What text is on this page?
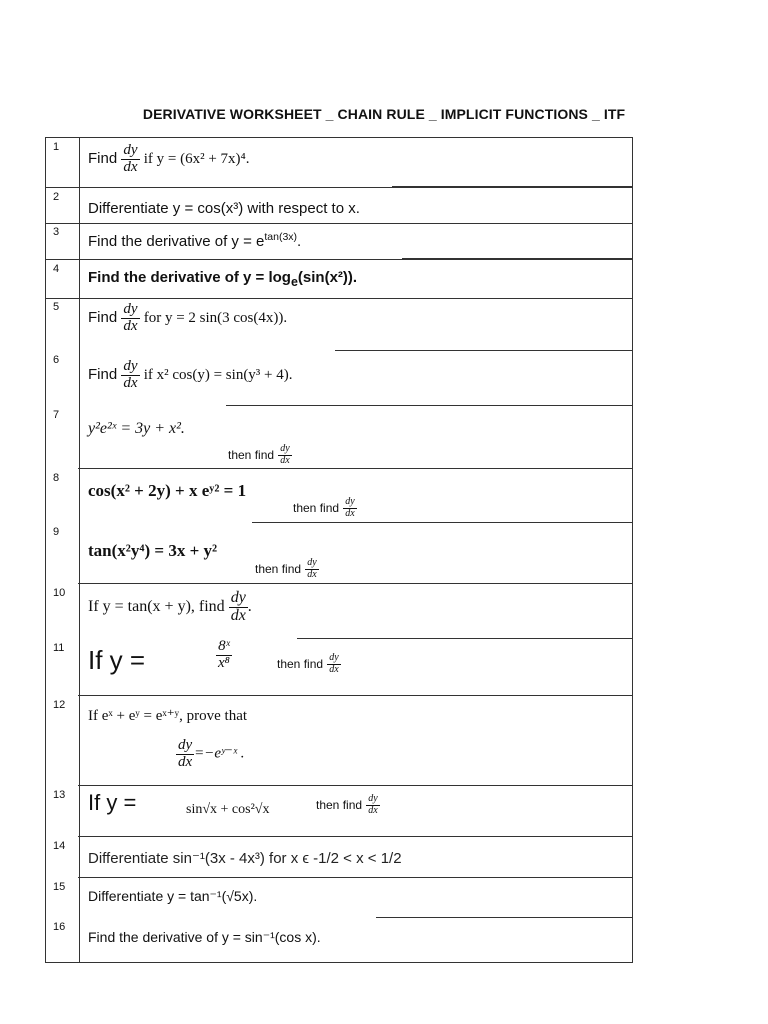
DERIVATIVE WORKSHEET _ CHAIN RULE _ IMPLICIT FUNCTIONS _ ITF
1
Find $\frac{dy}{dx}$ if y = (6x² + 7x)⁴.
2
Differentiate y = cos(x³) with respect to x.
3
Find the derivative of $y = e^{tan(3x)}$.
4 Find the derivative of $y = \log_e(\sin(x^2))$.
5
Find $\frac{dy}{dx}$ for y = 2 sin(3 cos(4x)).
6
Find $\frac{dy}{dx}$ if x² cos(y) = sin(y³ + 4).
7
y²e²ˣ = 3y + x².
then find $\frac{dy}{dx}$
8
cos(x² + 2y) + x eʸ² = 1
then find $\frac{dy}{dx}$
9
tan(x²y⁴) = 3x + y²
then find $\frac{dy}{dx}$
10
If y = tan(x + y), find $\frac{dy}{dx}$ .
11 If y =	$\frac{\text{8ˣ}}{\text{x⁸}}$	then find $\frac{dy}{dx}$
12
If eˣ + eʸ = eˣ⁺ʸ, prove that
$\frac{dy}{dx}$ =−eʸ⁻ˣ .
13 If y =	sin√x + cos²√x	then find $\frac{dy}{dx}$
14
Differentiate sin⁻¹(3x - 4x³) for x ϵ -1/2 < x < 1/2
15
Differentiate y = tan⁻¹(√5x).
16
Find the derivative of y = sin⁻¹(cos x).
